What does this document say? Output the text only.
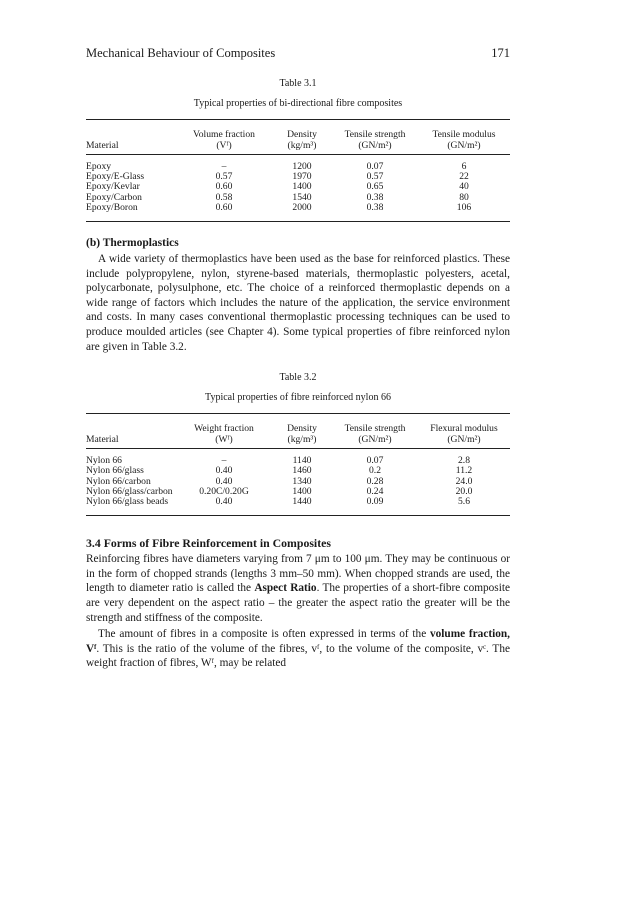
Mechanical Behaviour of Composites	171
Table 3.1
Typical properties of bi-directional fibre composites
	Volume fraction	Density	Tensile strength	Tensile modulus
Material	(Vᶠ)	(kg/m³)	(GN/m²)	(GN/m²)
Epoxy	–	1200	0.07	6
Epoxy/E-Glass	0.57	1970	0.57	22
Epoxy/Kevlar	0.60	1400	0.65	40
Epoxy/Carbon	0.58	1540	0.38	80
Epoxy/Boron	0.60	2000	0.38	106
(b) Thermoplastics

A wide variety of thermoplastics have been used as the base for reinforced plastics. These include polypropylene, nylon, styrene-based materials, thermoplastic polyesters, acetal, polycarbonate, polysulphone, etc. The choice of a reinforced thermoplastic depends on a wide range of factors which includes the nature of the application, the service environment and costs. In many cases conventional thermoplastic processing techniques can be used to produce moulded articles (see Chapter 4). Some typical properties of fibre reinforced nylon are given in Table 3.2.

Table 3.2
Typical properties of fibre reinforced nylon 66
	Weight fraction	Density	Tensile strength	Flexural modulus
Material	(Wᶠ)	(kg/m³)	(GN/m²)	(GN/m²)
Nylon 66	–	1140	0.07	2.8
Nylon 66/glass	0.40	1460	0.2	11.2
Nylon 66/carbon	0.40	1340	0.28	24.0
Nylon 66/glass/carbon	0.20C/0.20G	1400	0.24	20.0
Nylon 66/glass beads	0.40	1440	0.09	5.6
3.4 Forms of Fibre Reinforcement in Composites

Reinforcing fibres have diameters varying from 7 μm to 100 μm. They may be continuous or in the form of chopped strands (lengths 3 mm–50 mm). When chopped strands are used, the length to diameter ratio is called the Aspect Ratio. The properties of a short-fibre composite are very dependent on the aspect ratio – the greater the aspect ratio the greater will be the strength and stiffness of the composite.

The amount of fibres in a composite is often expressed in terms of the volume fraction, Vᶠ. This is the ratio of the volume of the fibres, vᶠ, to the volume of the composite, vᶜ. The weight fraction of fibres, Wᶠ, may be related
